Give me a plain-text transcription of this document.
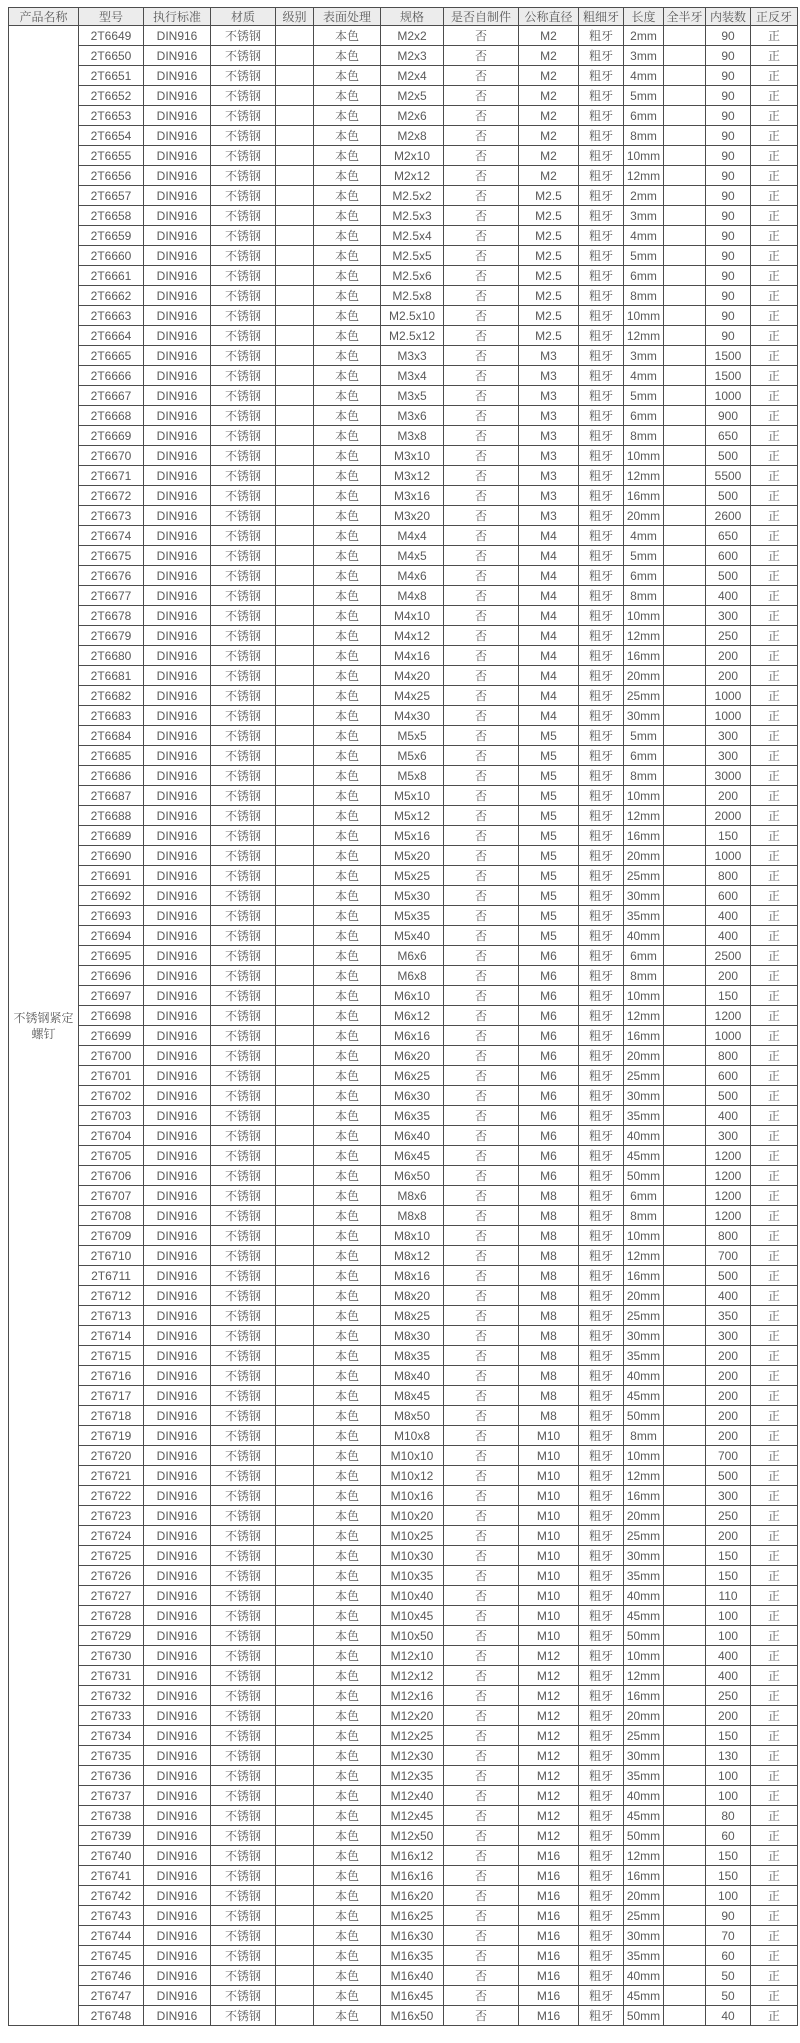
产品名称	型号	执行标准	材质	级别	表面处理	规格	是否自制件	公称直径	粗细牙	长度	全半牙	内装数	正反牙
不锈钢紧定螺钉	2T6649	DIN916	不锈钢		本色	M2x2	否	M2	粗牙	2mm		90	正
	2T6650	DIN916	不锈钢		本色	M2x3	否	M2	粗牙	3mm		90	正
	2T6651	DIN916	不锈钢		本色	M2x4	否	M2	粗牙	4mm		90	正
	2T6652	DIN916	不锈钢		本色	M2x5	否	M2	粗牙	5mm		90	正
	2T6653	DIN916	不锈钢		本色	M2x6	否	M2	粗牙	6mm		90	正
	2T6654	DIN916	不锈钢		本色	M2x8	否	M2	粗牙	8mm		90	正
	2T6655	DIN916	不锈钢		本色	M2x10	否	M2	粗牙	10mm		90	正
	2T6656	DIN916	不锈钢		本色	M2x12	否	M2	粗牙	12mm		90	正
	2T6657	DIN916	不锈钢		本色	M2.5x2	否	M2.5	粗牙	2mm		90	正
	2T6658	DIN916	不锈钢		本色	M2.5x3	否	M2.5	粗牙	3mm		90	正
	2T6659	DIN916	不锈钢		本色	M2.5x4	否	M2.5	粗牙	4mm		90	正
	2T6660	DIN916	不锈钢		本色	M2.5x5	否	M2.5	粗牙	5mm		90	正
	2T6661	DIN916	不锈钢		本色	M2.5x6	否	M2.5	粗牙	6mm		90	正
	2T6662	DIN916	不锈钢		本色	M2.5x8	否	M2.5	粗牙	8mm		90	正
	2T6663	DIN916	不锈钢		本色	M2.5x10	否	M2.5	粗牙	10mm		90	正
	2T6664	DIN916	不锈钢		本色	M2.5x12	否	M2.5	粗牙	12mm		90	正
	2T6665	DIN916	不锈钢		本色	M3x3	否	M3	粗牙	3mm		1500	正
	2T6666	DIN916	不锈钢		本色	M3x4	否	M3	粗牙	4mm		1500	正
	2T6667	DIN916	不锈钢		本色	M3x5	否	M3	粗牙	5mm		1000	正
	2T6668	DIN916	不锈钢		本色	M3x6	否	M3	粗牙	6mm		900	正
	2T6669	DIN916	不锈钢		本色	M3x8	否	M3	粗牙	8mm		650	正
	2T6670	DIN916	不锈钢		本色	M3x10	否	M3	粗牙	10mm		500	正
	2T6671	DIN916	不锈钢		本色	M3x12	否	M3	粗牙	12mm		5500	正
	2T6672	DIN916	不锈钢		本色	M3x16	否	M3	粗牙	16mm		500	正
	2T6673	DIN916	不锈钢		本色	M3x20	否	M3	粗牙	20mm		2600	正
	2T6674	DIN916	不锈钢		本色	M4x4	否	M4	粗牙	4mm		650	正
	2T6675	DIN916	不锈钢		本色	M4x5	否	M4	粗牙	5mm		600	正
	2T6676	DIN916	不锈钢		本色	M4x6	否	M4	粗牙	6mm		500	正
	2T6677	DIN916	不锈钢		本色	M4x8	否	M4	粗牙	8mm		400	正
	2T6678	DIN916	不锈钢		本色	M4x10	否	M4	粗牙	10mm		300	正
	2T6679	DIN916	不锈钢		本色	M4x12	否	M4	粗牙	12mm		250	正
	2T6680	DIN916	不锈钢		本色	M4x16	否	M4	粗牙	16mm		200	正
	2T6681	DIN916	不锈钢		本色	M4x20	否	M4	粗牙	20mm		200	正
	2T6682	DIN916	不锈钢		本色	M4x25	否	M4	粗牙	25mm		1000	正
	2T6683	DIN916	不锈钢		本色	M4x30	否	M4	粗牙	30mm		1000	正
	2T6684	DIN916	不锈钢		本色	M5x5	否	M5	粗牙	5mm		300	正
	2T6685	DIN916	不锈钢		本色	M5x6	否	M5	粗牙	6mm		300	正
	2T6686	DIN916	不锈钢		本色	M5x8	否	M5	粗牙	8mm		3000	正
	2T6687	DIN916	不锈钢		本色	M5x10	否	M5	粗牙	10mm		200	正
	2T6688	DIN916	不锈钢		本色	M5x12	否	M5	粗牙	12mm		2000	正
	2T6689	DIN916	不锈钢		本色	M5x16	否	M5	粗牙	16mm		150	正
	2T6690	DIN916	不锈钢		本色	M5x20	否	M5	粗牙	20mm		1000	正
	2T6691	DIN916	不锈钢		本色	M5x25	否	M5	粗牙	25mm		800	正
	2T6692	DIN916	不锈钢		本色	M5x30	否	M5	粗牙	30mm		600	正
	2T6693	DIN916	不锈钢		本色	M5x35	否	M5	粗牙	35mm		400	正
	2T6694	DIN916	不锈钢		本色	M5x40	否	M5	粗牙	40mm		400	正
	2T6695	DIN916	不锈钢		本色	M6x6	否	M6	粗牙	6mm		2500	正
	2T6696	DIN916	不锈钢		本色	M6x8	否	M6	粗牙	8mm		200	正
	2T6697	DIN916	不锈钢		本色	M6x10	否	M6	粗牙	10mm		150	正
	2T6698	DIN916	不锈钢		本色	M6x12	否	M6	粗牙	12mm		1200	正
	2T6699	DIN916	不锈钢		本色	M6x16	否	M6	粗牙	16mm		1000	正
	2T6700	DIN916	不锈钢		本色	M6x20	否	M6	粗牙	20mm		800	正
	2T6701	DIN916	不锈钢		本色	M6x25	否	M6	粗牙	25mm		600	正
	2T6702	DIN916	不锈钢		本色	M6x30	否	M6	粗牙	30mm		500	正
	2T6703	DIN916	不锈钢		本色	M6x35	否	M6	粗牙	35mm		400	正
	2T6704	DIN916	不锈钢		本色	M6x40	否	M6	粗牙	40mm		300	正
	2T6705	DIN916	不锈钢		本色	M6x45	否	M6	粗牙	45mm		1200	正
	2T6706	DIN916	不锈钢		本色	M6x50	否	M6	粗牙	50mm		1200	正
	2T6707	DIN916	不锈钢		本色	M8x6	否	M8	粗牙	6mm		1200	正
	2T6708	DIN916	不锈钢		本色	M8x8	否	M8	粗牙	8mm		1200	正
	2T6709	DIN916	不锈钢		本色	M8x10	否	M8	粗牙	10mm		800	正
	2T6710	DIN916	不锈钢		本色	M8x12	否	M8	粗牙	12mm		700	正
	2T6711	DIN916	不锈钢		本色	M8x16	否	M8	粗牙	16mm		500	正
	2T6712	DIN916	不锈钢		本色	M8x20	否	M8	粗牙	20mm		400	正
	2T6713	DIN916	不锈钢		本色	M8x25	否	M8	粗牙	25mm		350	正
	2T6714	DIN916	不锈钢		本色	M8x30	否	M8	粗牙	30mm		300	正
	2T6715	DIN916	不锈钢		本色	M8x35	否	M8	粗牙	35mm		200	正
	2T6716	DIN916	不锈钢		本色	M8x40	否	M8	粗牙	40mm		200	正
	2T6717	DIN916	不锈钢		本色	M8x45	否	M8	粗牙	45mm		200	正
	2T6718	DIN916	不锈钢		本色	M8x50	否	M8	粗牙	50mm		200	正
	2T6719	DIN916	不锈钢		本色	M10x8	否	M10	粗牙	8mm		200	正
	2T6720	DIN916	不锈钢		本色	M10x10	否	M10	粗牙	10mm		700	正
	2T6721	DIN916	不锈钢		本色	M10x12	否	M10	粗牙	12mm		500	正
	2T6722	DIN916	不锈钢		本色	M10x16	否	M10	粗牙	16mm		300	正
	2T6723	DIN916	不锈钢		本色	M10x20	否	M10	粗牙	20mm		250	正
	2T6724	DIN916	不锈钢		本色	M10x25	否	M10	粗牙	25mm		200	正
	2T6725	DIN916	不锈钢		本色	M10x30	否	M10	粗牙	30mm		150	正
	2T6726	DIN916	不锈钢		本色	M10x35	否	M10	粗牙	35mm		150	正
	2T6727	DIN916	不锈钢		本色	M10x40	否	M10	粗牙	40mm		110	正
	2T6728	DIN916	不锈钢		本色	M10x45	否	M10	粗牙	45mm		100	正
	2T6729	DIN916	不锈钢		本色	M10x50	否	M10	粗牙	50mm		100	正
	2T6730	DIN916	不锈钢		本色	M12x10	否	M12	粗牙	10mm		400	正
	2T6731	DIN916	不锈钢		本色	M12x12	否	M12	粗牙	12mm		400	正
	2T6732	DIN916	不锈钢		本色	M12x16	否	M12	粗牙	16mm		250	正
	2T6733	DIN916	不锈钢		本色	M12x20	否	M12	粗牙	20mm		200	正
	2T6734	DIN916	不锈钢		本色	M12x25	否	M12	粗牙	25mm		150	正
	2T6735	DIN916	不锈钢		本色	M12x30	否	M12	粗牙	30mm		130	正
	2T6736	DIN916	不锈钢		本色	M12x35	否	M12	粗牙	35mm		100	正
	2T6737	DIN916	不锈钢		本色	M12x40	否	M12	粗牙	40mm		100	正
	2T6738	DIN916	不锈钢		本色	M12x45	否	M12	粗牙	45mm		80	正
	2T6739	DIN916	不锈钢		本色	M12x50	否	M12	粗牙	50mm		60	正
	2T6740	DIN916	不锈钢		本色	M16x12	否	M16	粗牙	12mm		150	正
	2T6741	DIN916	不锈钢		本色	M16x16	否	M16	粗牙	16mm		150	正
	2T6742	DIN916	不锈钢		本色	M16x20	否	M16	粗牙	20mm		100	正
	2T6743	DIN916	不锈钢		本色	M16x25	否	M16	粗牙	25mm		90	正
	2T6744	DIN916	不锈钢		本色	M16x30	否	M16	粗牙	30mm		70	正
	2T6745	DIN916	不锈钢		本色	M16x35	否	M16	粗牙	35mm		60	正
	2T6746	DIN916	不锈钢		本色	M16x40	否	M16	粗牙	40mm		50	正
	2T6747	DIN916	不锈钢		本色	M16x45	否	M16	粗牙	45mm		50	正
	2T6748	DIN916	不锈钢		本色	M16x50	否	M16	粗牙	50mm		40	正
